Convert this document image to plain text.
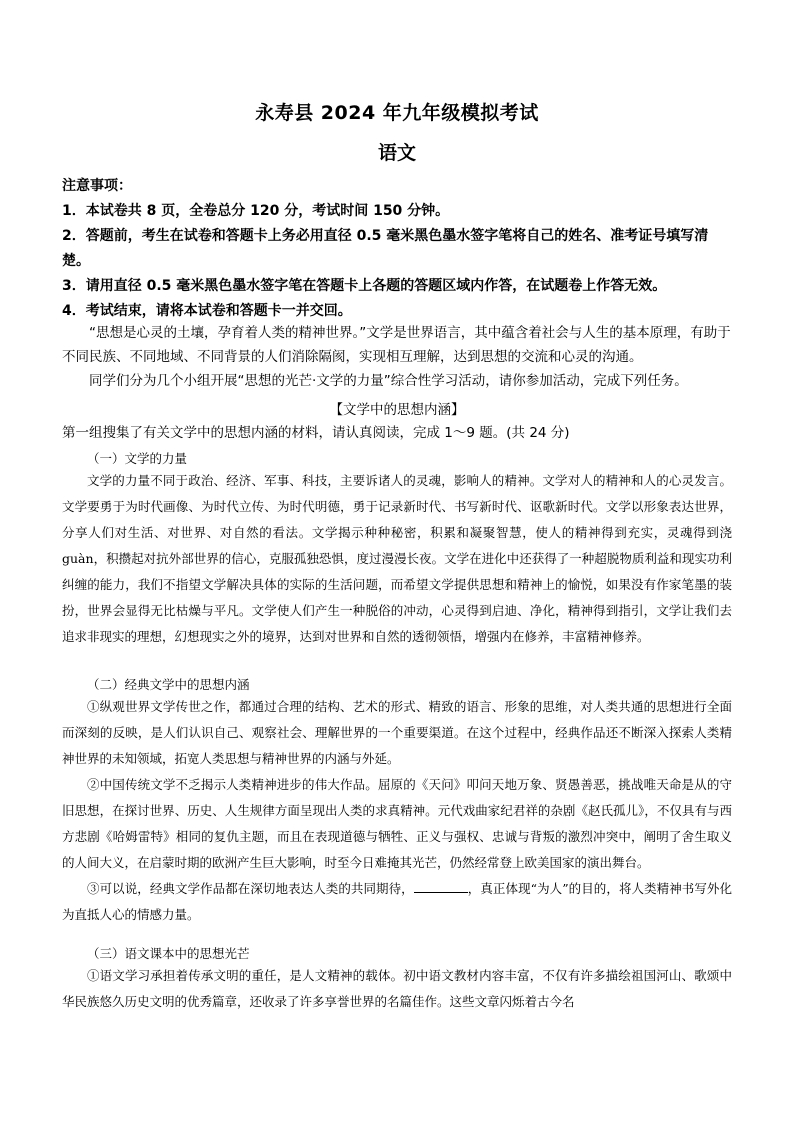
永寿县 2024 年九年级模拟考试
语文

注意事项：

1．本试卷共 8 页，全卷总分 120 分，考试时间 150 分钟。

2．答题前，考生在试卷和答题卡上务必用直径 0.5 毫米黑色墨水签字笔将自己的姓名、准考证号填写清楚。

3．请用直径 0.5 毫米黑色墨水签字笔在答题卡上各题的答题区域内作答，在试题卷上作答无效。

4．考试结束，请将本试卷和答题卡一并交回。

“思想是心灵的土壤，孕育着人类的精神世界。”文学是世界语言，其中蕴含着社会与人生的基本原理，有助于不同民族、不同地域、不同背景的人们消除隔阂，实现相互理解，达到思想的交流和心灵的沟通。

同学们分为几个小组开展“思想的光芒·文学的力量”综合性学习活动，请你参加活动，完成下列任务。

【文学中的思想内涵】
第一组搜集了有关文学中的思想内涵的材料，请认真阅读，完成 1～9 题。(共 24 分)

（一）文学的力量

文学的力量不同于政治、经济、军事、科技，主要诉诸人的灵魂，影响人的精神。文学对人的精神和人的心灵发言。文学要勇于为时代画像、为时代立传、为时代明德，勇于记录新时代、书写新时代、讴歌新时代。文学以形象表达世界，分享人们对生活、对世界、对自然的看法。文学揭示种种秘密，积累和凝聚智慧，使人的精神得到充实，灵魂得到浇 guàn，积攒起对抗外部世界的信心，克服孤独恐惧，度过漫漫长夜。文学在进化中还获得了一种超脱物质利益和现实功利纠缠的能力，我们不指望文学解决具体的实际的生活问题，而希望文学提供思想和精神上的愉悦，如果没有作家笔墨的装扮，世界会显得无比枯燥与平凡。文学使人们产生一种脱俗的冲动，心灵得到启迪、净化，精神得到指引，文学让我们去追求非现实的理想，幻想现实之外的境界，达到对世界和自然的透彻领悟，增强内在修养，丰富精神修养。

（二）经典文学中的思想内涵

①纵观世界文学传世之作，都通过合理的结构、艺术的形式、精致的语言、形象的思维，对人类共通的思想进行全面而深刻的反映，是人们认识自己、观察社会、理解世界的一个重要渠道。在这个过程中，经典作品还不断深入探索人类精神世界的未知领域，拓宽人类思想与精神世界的内涵与外延。

②中国传统文学不乏揭示人类精神进步的伟大作品。屈原的《天问》叩问天地万象、贤愚善恶，挑战唯天命是从的守旧思想，在探讨世界、历史、人生规律方面呈现出人类的求真精神。元代戏曲家纪君祥的杂剧《赵氏孤儿》，不仅具有与西方悲剧《哈姆雷特》相同的复仇主题，而且在表现道德与牺牲、正义与强权、忠诚与背叛的激烈冲突中，阐明了舍生取义的人间大义，在启蒙时期的欧洲产生巨大影响，时至今日难掩其光芒，仍然经常登上欧美国家的演出舞台。

③可以说，经典文学作品都在深切地表达人类的共同期待，	，真正体现“为人”的目的，将人类精神书写外化为直抵人心的情感力量。

（三）语文课本中的思想光芒

①语文学习承担着传承文明的重任，是人文精神的载体。初中语文教材内容丰富，不仅有许多描绘祖国河山、歌颂中华民族悠久历史文明的优秀篇章，还收录了许多享誉世界的名篇佳作。这些文章闪烁着古今名
